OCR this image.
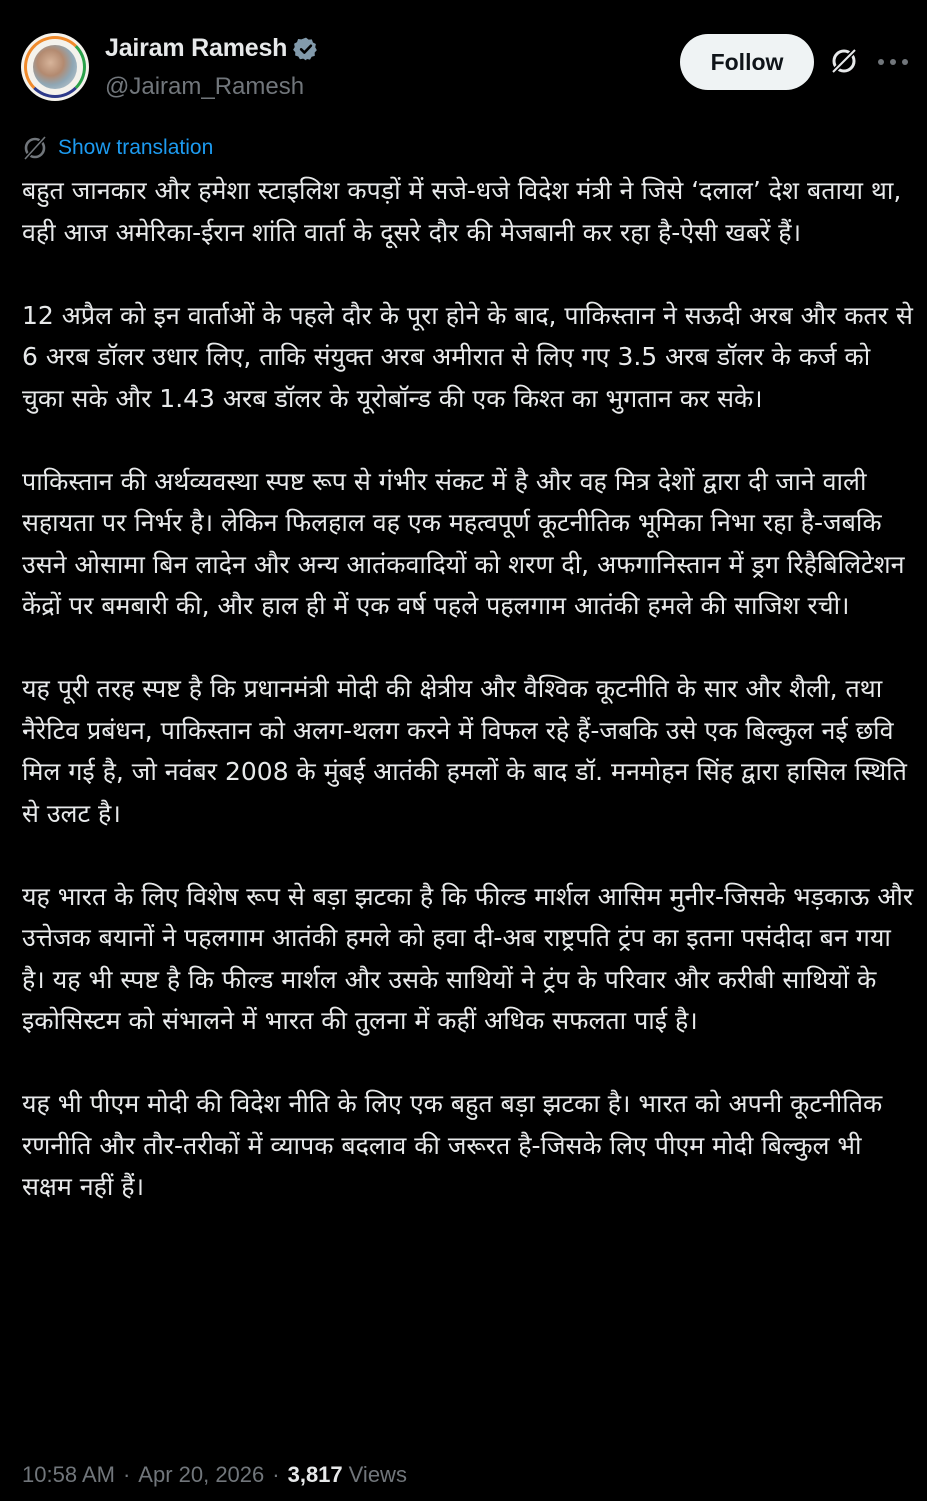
Jairam Ramesh
@Jairam_Ramesh
Follow
Show translation

बहुत जानकार और हमेशा स्टाइलिश कपड़ों में सजे-धजे विदेश मंत्री ने जिसे ‘दलाल’ देश बताया था, वही आज अमेरिका-ईरान शांति वार्ता के दूसरे दौर की मेजबानी कर रहा है-ऐसी खबरें हैं।

12 अप्रैल को इन वार्ताओं के पहले दौर के पूरा होने के बाद, पाकिस्तान ने सऊदी अरब और कतर से 6 अरब डॉलर उधार लिए, ताकि संयुक्त अरब अमीरात से लिए गए 3.5 अरब डॉलर के कर्ज को चुका सके और 1.43 अरब डॉलर के यूरोबॉन्ड की एक किश्त का भुगतान कर सके।

पाकिस्तान की अर्थव्यवस्था स्पष्ट रूप से गंभीर संकट में है और वह मित्र देशों द्वारा दी जाने वाली सहायता पर निर्भर है। लेकिन फिलहाल वह एक महत्वपूर्ण कूटनीतिक भूमिका निभा रहा है-जबकि उसने ओसामा बिन लादेन और अन्य आतंकवादियों को शरण दी, अफगानिस्तान में ड्रग रिहैबिलिटेशन केंद्रों पर बमबारी की, और हाल ही में एक वर्ष पहले पहलगाम आतंकी हमले की साजिश रची।

यह पूरी तरह स्पष्ट है कि प्रधानमंत्री मोदी की क्षेत्रीय और वैश्विक कूटनीति के सार और शैली, तथा नैरेटिव प्रबंधन, पाकिस्तान को अलग-थलग करने में विफल रहे हैं-जबकि उसे एक बिल्कुल नई छवि मिल गई है, जो नवंबर 2008 के मुंबई आतंकी हमलों के बाद डॉ. मनमोहन सिंह द्वारा हासिल स्थिति से उलट है।

यह भारत के लिए विशेष रूप से बड़ा झटका है कि फील्ड मार्शल आसिम मुनीर-जिसके भड़काऊ और उत्तेजक बयानों ने पहलगाम आतंकी हमले को हवा दी-अब राष्ट्रपति ट्रंप का इतना पसंदीदा बन गया है। यह भी स्पष्ट है कि फील्ड मार्शल और उसके साथियों ने ट्रंप के परिवार और करीबी साथियों के इकोसिस्टम को संभालने में भारत की तुलना में कहीं अधिक सफलता पाई है।

यह भी पीएम मोदी की विदेश नीति के लिए एक बहुत बड़ा झटका है। भारत को अपनी कूटनीतिक रणनीति और तौर-तरीकों में व्यापक बदलाव की जरूरत है-जिसके लिए पीएम मोदी बिल्कुल भी सक्षम नहीं हैं।

10:58 AM · Apr 20, 2026 · 3,817 Views
